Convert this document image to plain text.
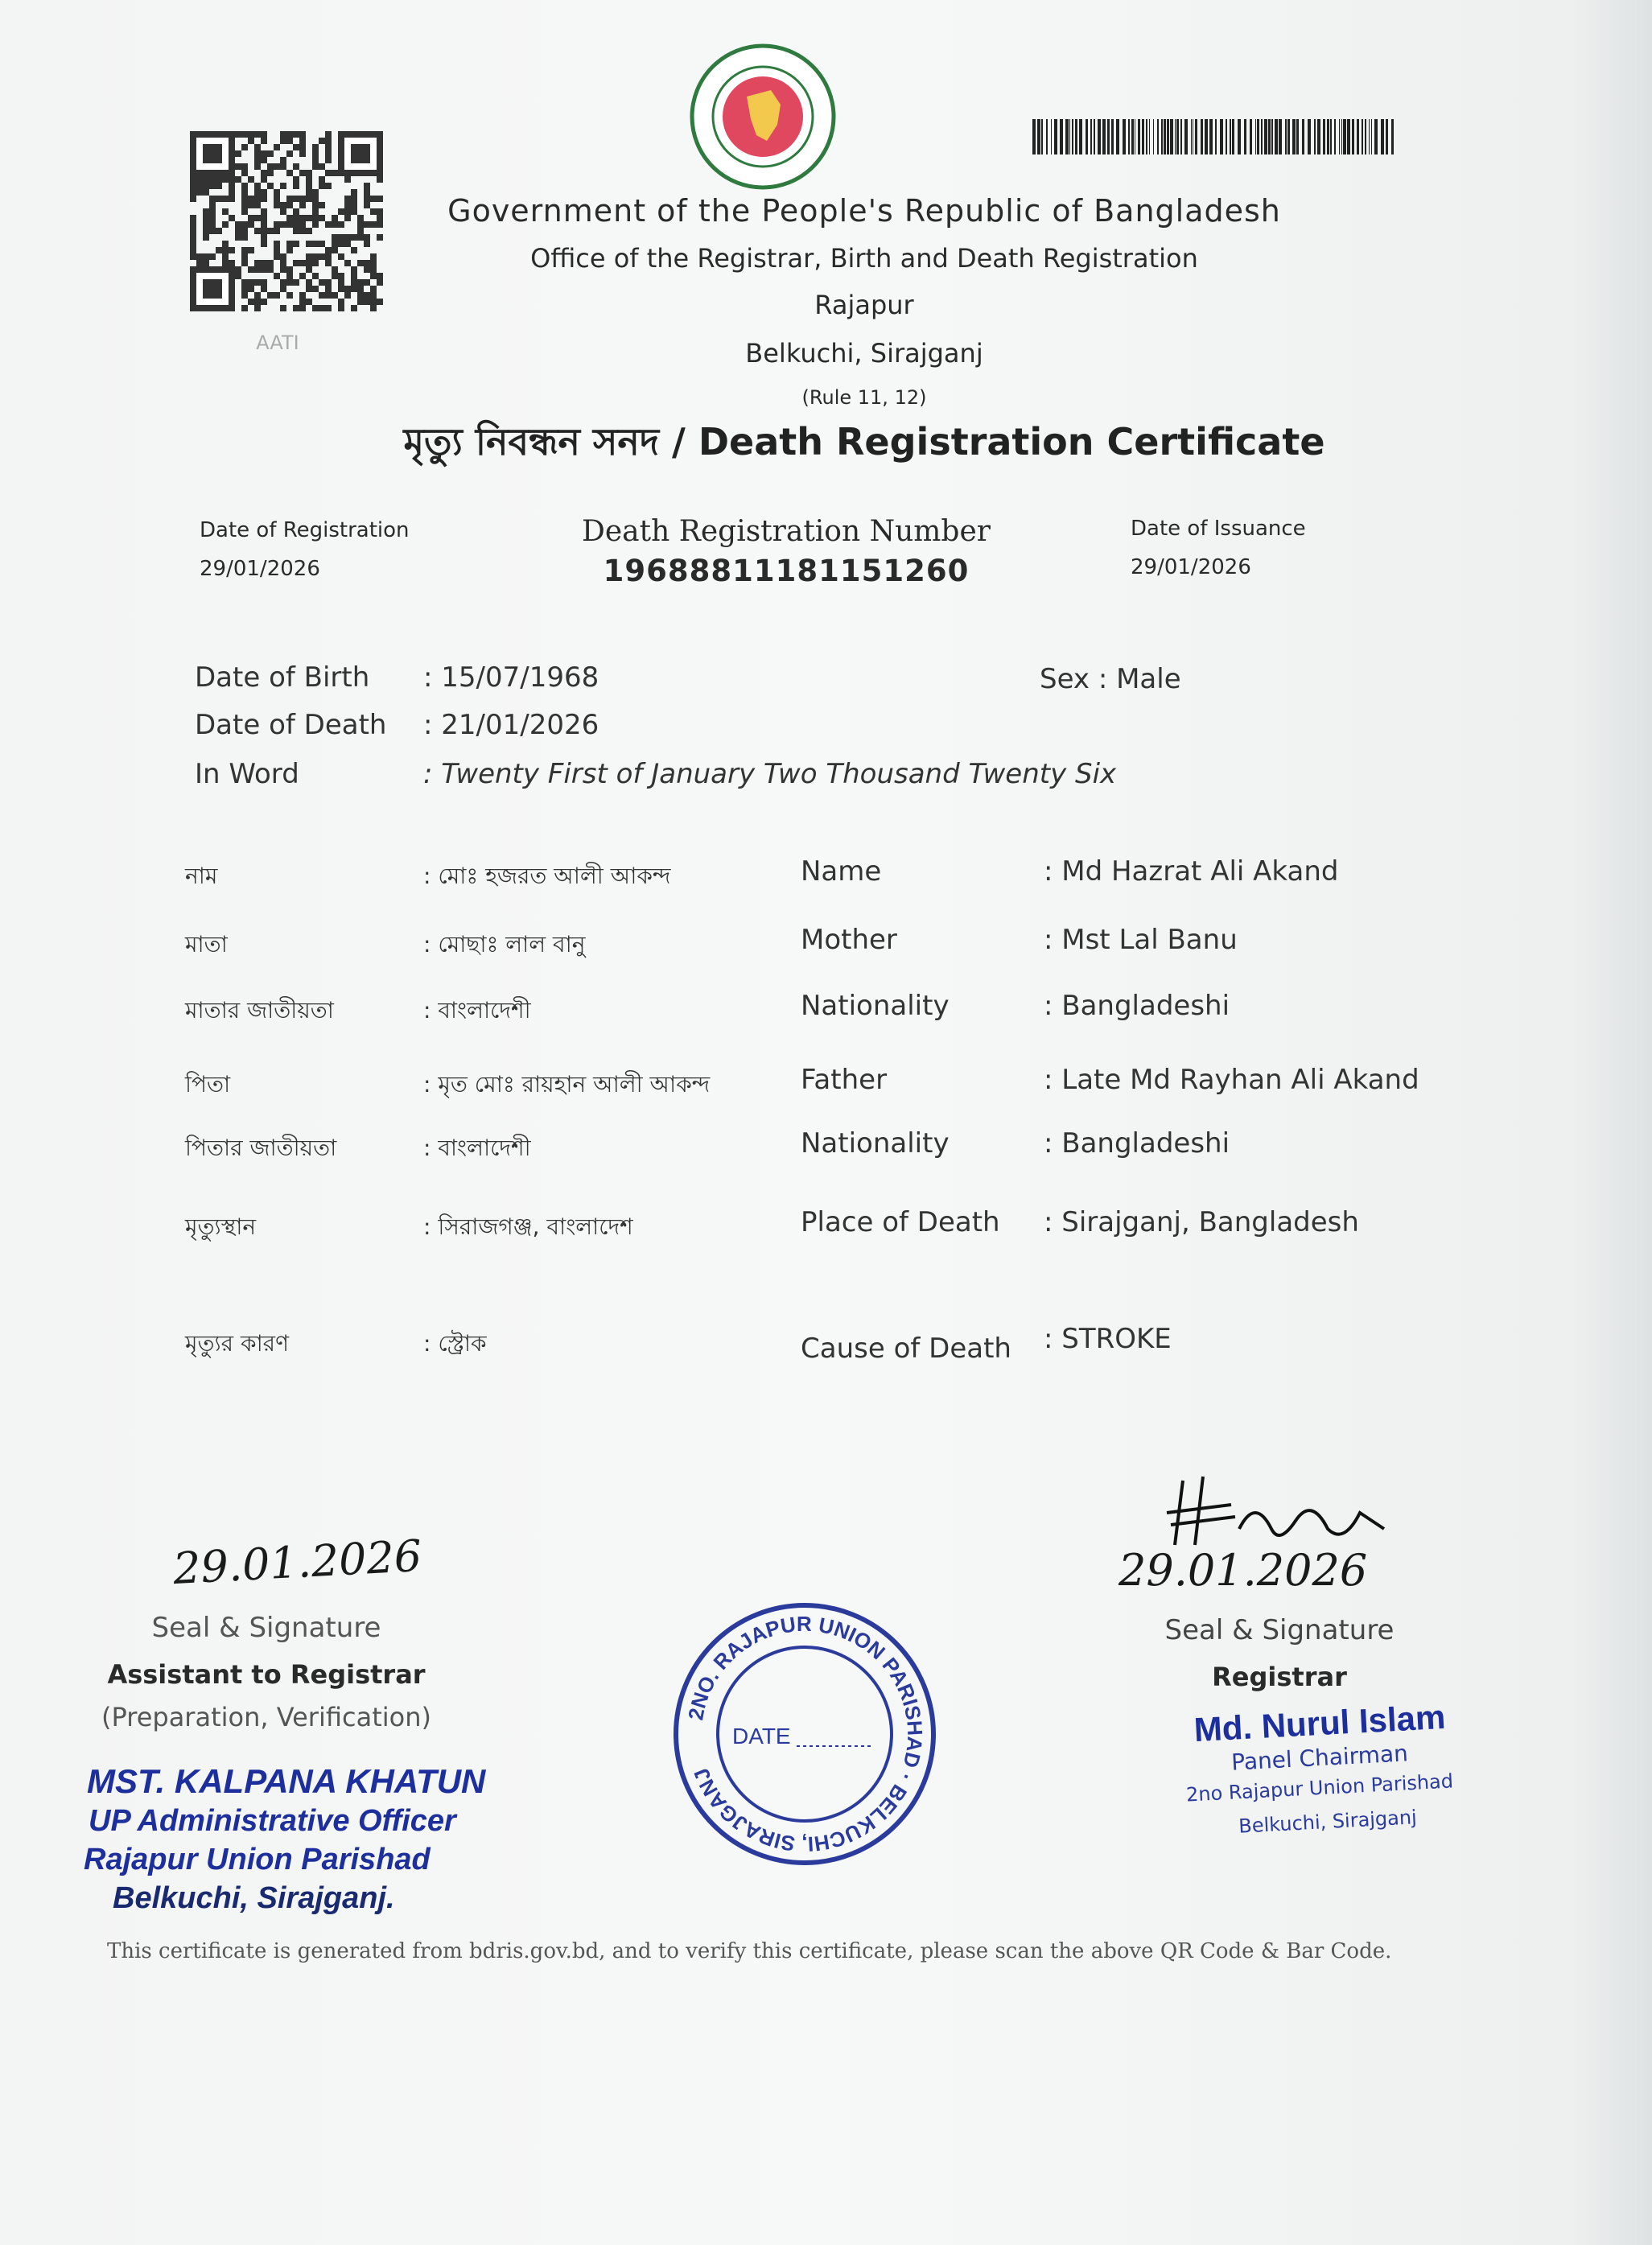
AATI
Government of the People's Republic of Bangladesh
Office of the Registrar, Birth and Death Registration
Rajapur
Belkuchi, Sirajganj
(Rule 11, 12)
মৃত্যু নিবন্ধন সনদ / Death Registration Certificate
Date of Registration
29/01/2026
Death Registration Number
19688811181151260
Date of Issuance
29/01/2026
Date of Birth : 15/07/1968	Sex : Male
Date of Death : 21/01/2026
In Word	: Twenty First of January Two Thousand Twenty Six
নাম	: মোঃ হজরত আলী আকন্দ	Name	: Md Hazrat Ali Akand
মাতা	: মোছাঃ লাল বানু	Mother	: Mst Lal Banu
মাতার জাতীয়তা	: বাংলাদেশী	Nationality	: Bangladeshi
পিতা	: মৃত মোঃ রায়হান আলী আকন্দ	Father	: Late Md Rayhan Ali Akand
পিতার জাতীয়তা	: বাংলাদেশী	Nationality	: Bangladeshi
মৃত্যুস্থান	: সিরাজগঞ্জ, বাংলাদেশ	Place of Death : Sirajganj, Bangladesh
মৃত্যুর কারণ	: স্ট্রোক	Cause of Death : STROKE
29.01.2026
Seal & Signature
Assistant to Registrar
(Preparation, Verification)
MST. KALPANA KHATUN
UP Administrative Officer
Rajapur Union Parishad
Belkuchi, Sirajganj.
2NO. RAJAPUR UNION PARISHAD · BELKUCHI, SIRAJGANJ
DATE
29.01.2026
Seal & Signature
Registrar
Md. Nurul Islam
Panel Chairman
2no Rajapur Union Parishad
Belkuchi, Sirajganj
This certificate is generated from bdris.gov.bd, and to verify this certificate, please scan the above QR Code & Bar Code.
